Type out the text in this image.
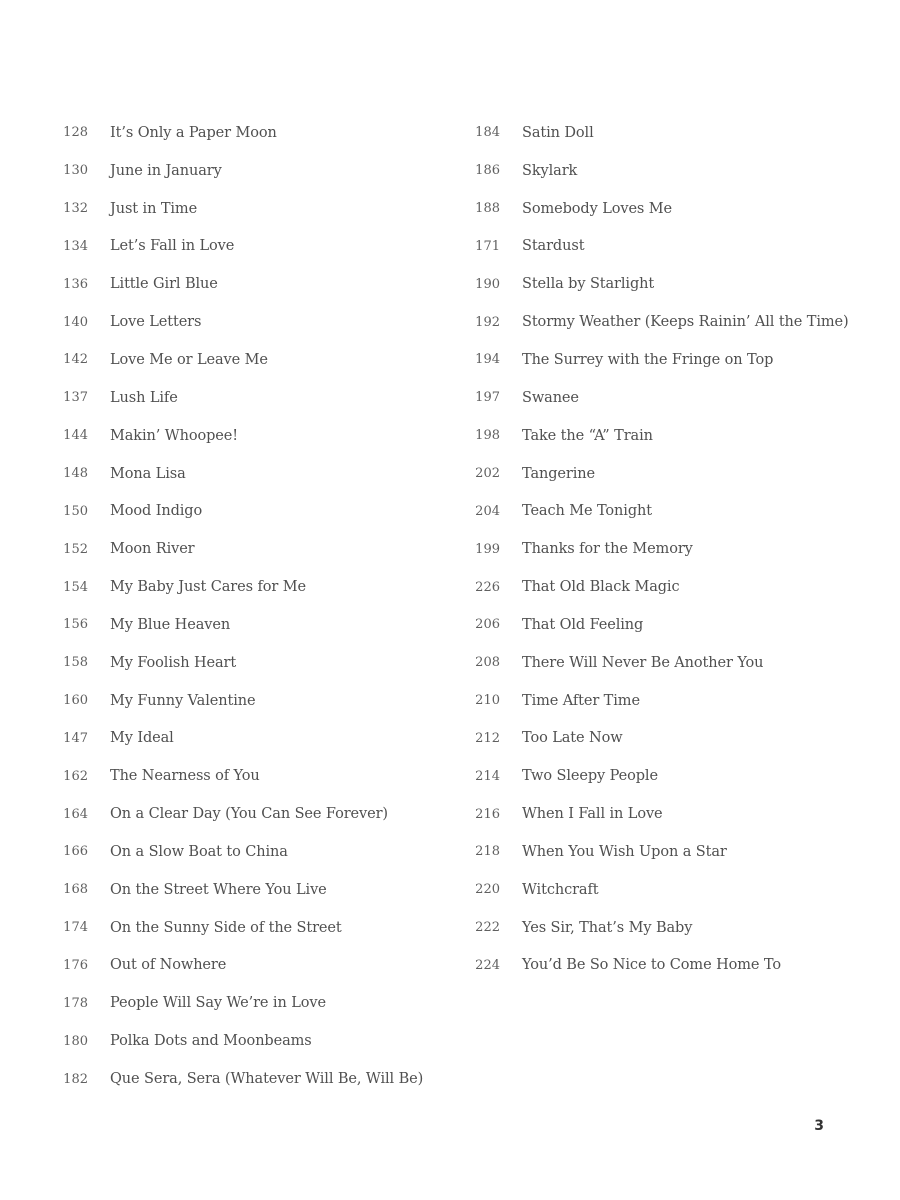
128 It’s Only a Paper Moon
130 June in January
132 Just in Time
134 Let’s Fall in Love
136 Little Girl Blue
140 Love Letters
142 Love Me or Leave Me
137 Lush Life
144 Makin’ Whoopee!
148 Mona Lisa
150 Mood Indigo
152 Moon River
154 My Baby Just Cares for Me
156 My Blue Heaven
158 My Foolish Heart
160 My Funny Valentine
147 My Ideal
162 The Nearness of You
164 On a Clear Day (You Can See Forever)
166 On a Slow Boat to China
168 On the Street Where You Live
174 On the Sunny Side of the Street
176 Out of Nowhere
178 People Will Say We’re in Love
180 Polka Dots and Moonbeams
182 Que Sera, Sera (Whatever Will Be, Will Be)
184 Satin Doll
186 Skylark
188 Somebody Loves Me
171 Stardust
190 Stella by Starlight
192 Stormy Weather (Keeps Rainin’ All the Time)
194 The Surrey with the Fringe on Top
197 Swanee
198 Take the “A” Train
202 Tangerine
204 Teach Me Tonight
199 Thanks for the Memory
226 That Old Black Magic
206 That Old Feeling
208 There Will Never Be Another You
210 Time After Time
212 Too Late Now
214 Two Sleepy People
216 When I Fall in Love
218 When You Wish Upon a Star
220 Witchcraft
222 Yes Sir, That’s My Baby
224 You’d Be So Nice to Come Home To
3
